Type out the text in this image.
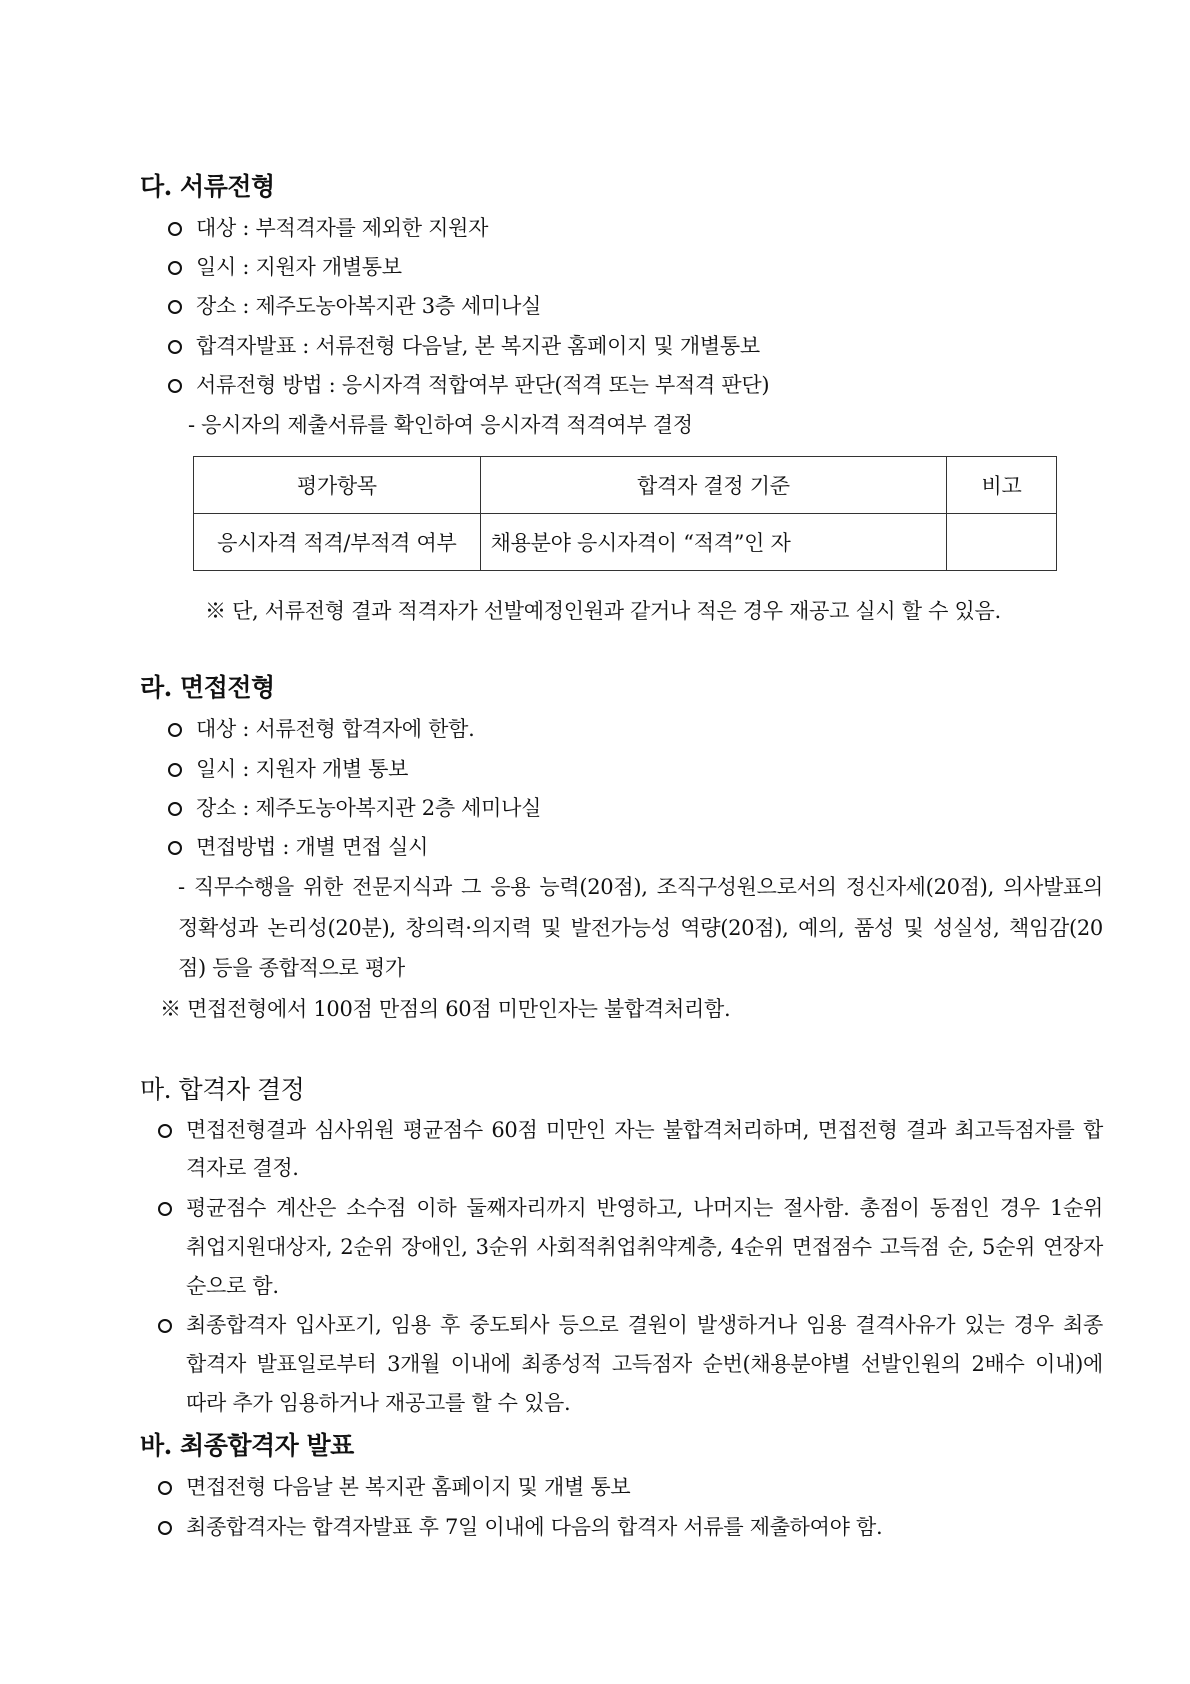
다. 서류전형
대상 : 부적격자를 제외한 지원자
일시 : 지원자 개별통보
장소 : 제주도농아복지관 3층 세미나실
합격자발표 : 서류전형 다음날, 본 복지관 홈페이지 및 개별통보
서류전형 방법 : 응시자격 적합여부 판단(적격 또는 부적격 판단)
- 응시자의 제출서류를 확인하여 응시자격 적격여부 결정
평가항목	합격자 결정 기준	비고
응시자격 적격/부적격 여부	채용분야 응시자격이 “적격”인 자	
※ 단, 서류전형 결과 적격자가 선발예정인원과 같거나 적은 경우 재공고 실시 할 수 있음.
라. 면접전형
대상 : 서류전형 합격자에 한함.
일시 : 지원자 개별 통보
장소 : 제주도농아복지관 2층 세미나실
면접방법 : 개별 면접 실시
- 직무수행을 위한 전문지식과 그 응용 능력(20점), 조직구성원으로서의 정신자세(20점), 의사발표의
정확성과 논리성(20분), 창의력·의지력 및 발전가능성 역량(20점), 예의, 품성 및 성실성, 책임감(20
점) 등을 종합적으로 평가
※ 면접전형에서 100점 만점의 60점 미만인자는 불합격처리함.
마. 합격자 결정
면접전형결과 심사위원 평균점수 60점 미만인 자는 불합격처리하며, 면접전형 결과 최고득점자를 합
격자로 결정.
평균점수 계산은 소수점 이하 둘째자리까지 반영하고, 나머지는 절사함. 총점이 동점인 경우 1순위
취업지원대상자, 2순위 장애인, 3순위 사회적취업취약계층, 4순위 면접점수 고득점 순, 5순위 연장자
순으로 함.
최종합격자 입사포기, 임용 후 중도퇴사 등으로 결원이 발생하거나 임용 결격사유가 있는 경우 최종
합격자 발표일로부터 3개월 이내에 최종성적 고득점자 순번(채용분야별 선발인원의 2배수 이내)에
따라 추가 임용하거나 재공고를 할 수 있음.
바. 최종합격자 발표
면접전형 다음날 본 복지관 홈페이지 및 개별 통보
최종합격자는 합격자발표 후 7일 이내에 다음의 합격자 서류를 제출하여야 함.
